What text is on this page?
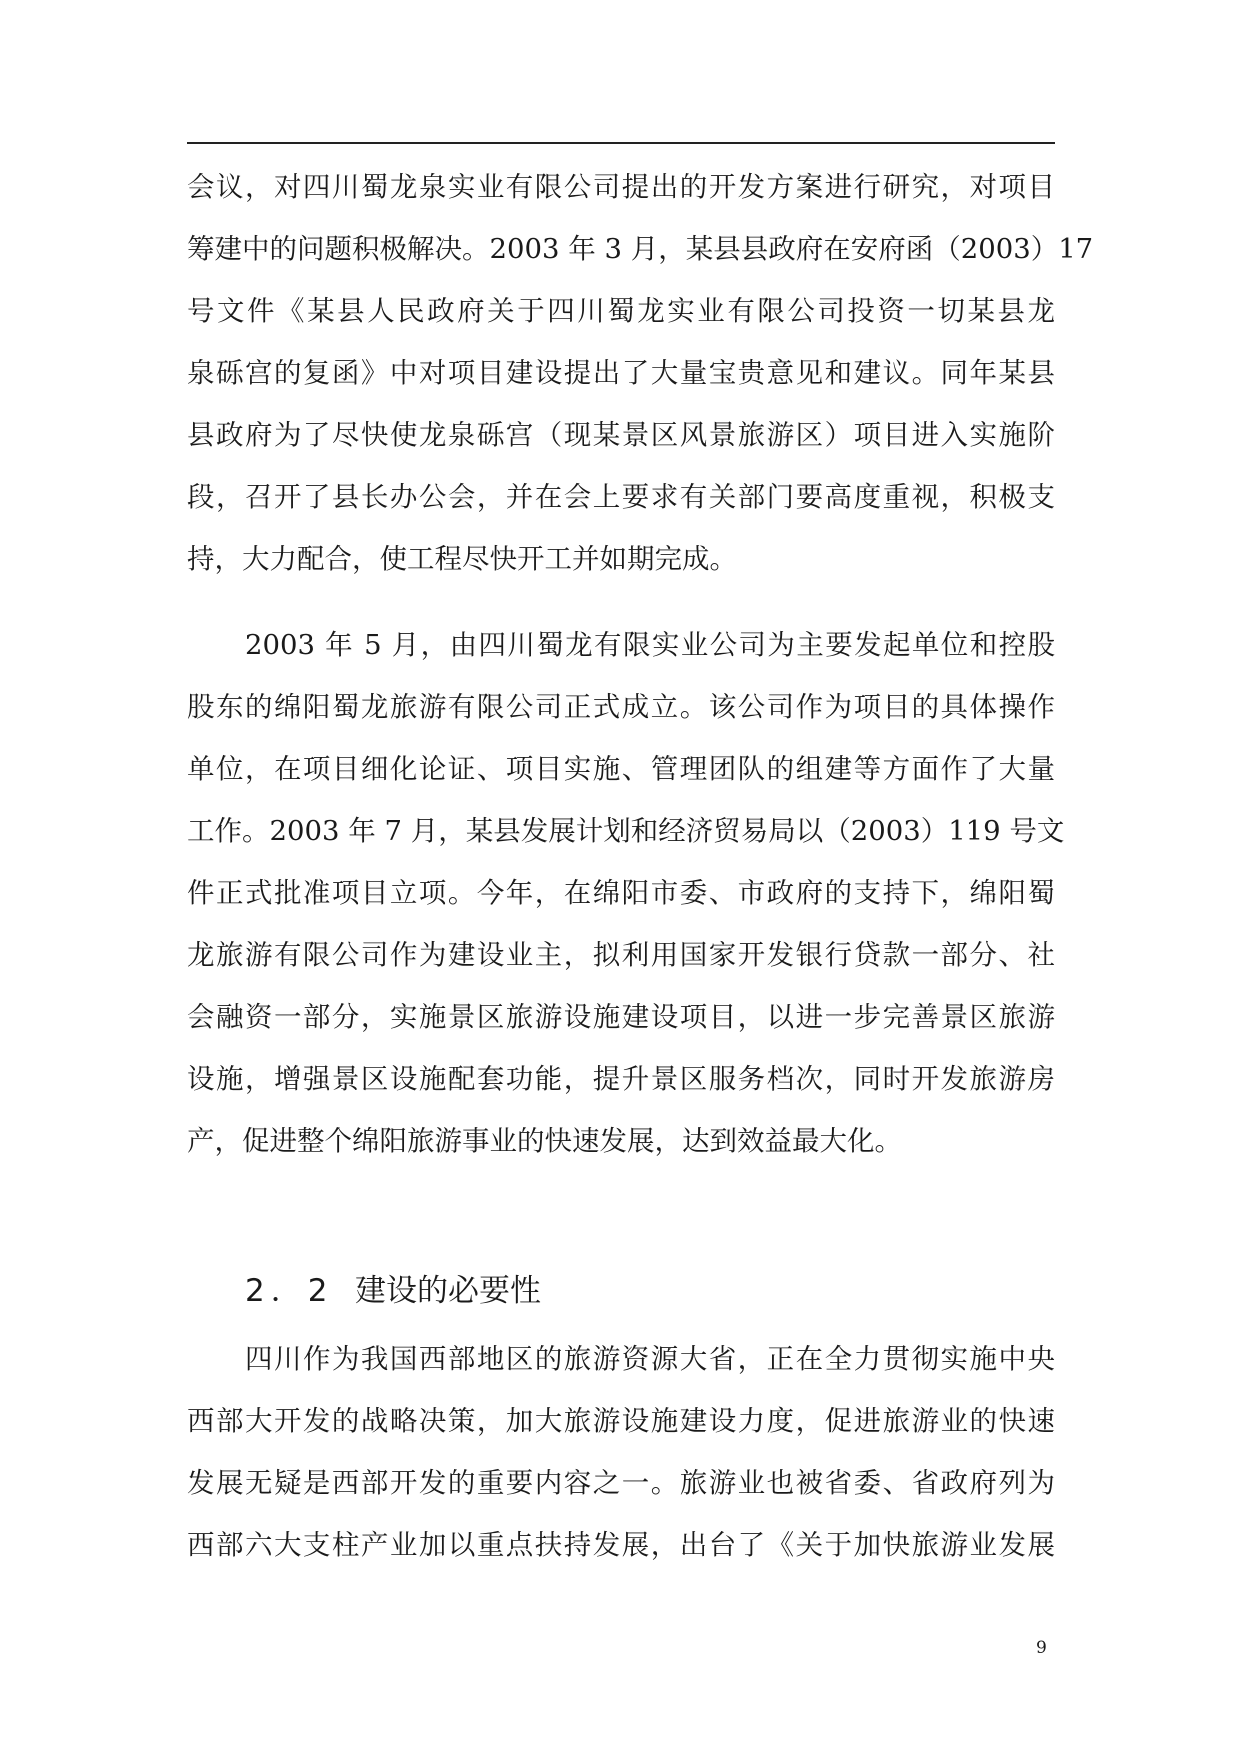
会议，对四川蜀龙泉实业有限公司提出的开发方案进行研究，对项目
筹建中的问题积极解决。2003 年 3 月，某县县政府在安府函（2003）17
号文件《某县人民政府关于四川蜀龙实业有限公司投资一切某县龙
泉砾宫的复函》中对项目建设提出了大量宝贵意见和建议。同年某县
县政府为了尽快使龙泉砾宫（现某景区风景旅游区）项目进入实施阶
段，召开了县长办公会，并在会上要求有关部门要高度重视，积极支
持，大力配合，使工程尽快开工并如期完成。
2003 年 5 月，由四川蜀龙有限实业公司为主要发起单位和控股
股东的绵阳蜀龙旅游有限公司正式成立。该公司作为项目的具体操作
单位，在项目细化论证、项目实施、管理团队的组建等方面作了大量
工作。2003 年 7 月，某县发展计划和经济贸易局以（2003）119 号文
件正式批准项目立项。今年，在绵阳市委、市政府的支持下，绵阳蜀
龙旅游有限公司作为建设业主，拟利用国家开发银行贷款一部分、社
会融资一部分，实施景区旅游设施建设项目，以进一步完善景区旅游
设施，增强景区设施配套功能，提升景区服务档次，同时开发旅游房
产，促进整个绵阳旅游事业的快速发展，达到效益最大化。
2．2 建设的必要性
四川作为我国西部地区的旅游资源大省，正在全力贯彻实施中央
西部大开发的战略决策，加大旅游设施建设力度，促进旅游业的快速
发展无疑是西部开发的重要内容之一。旅游业也被省委、省政府列为
西部六大支柱产业加以重点扶持发展，出台了《关于加快旅游业发展
9
